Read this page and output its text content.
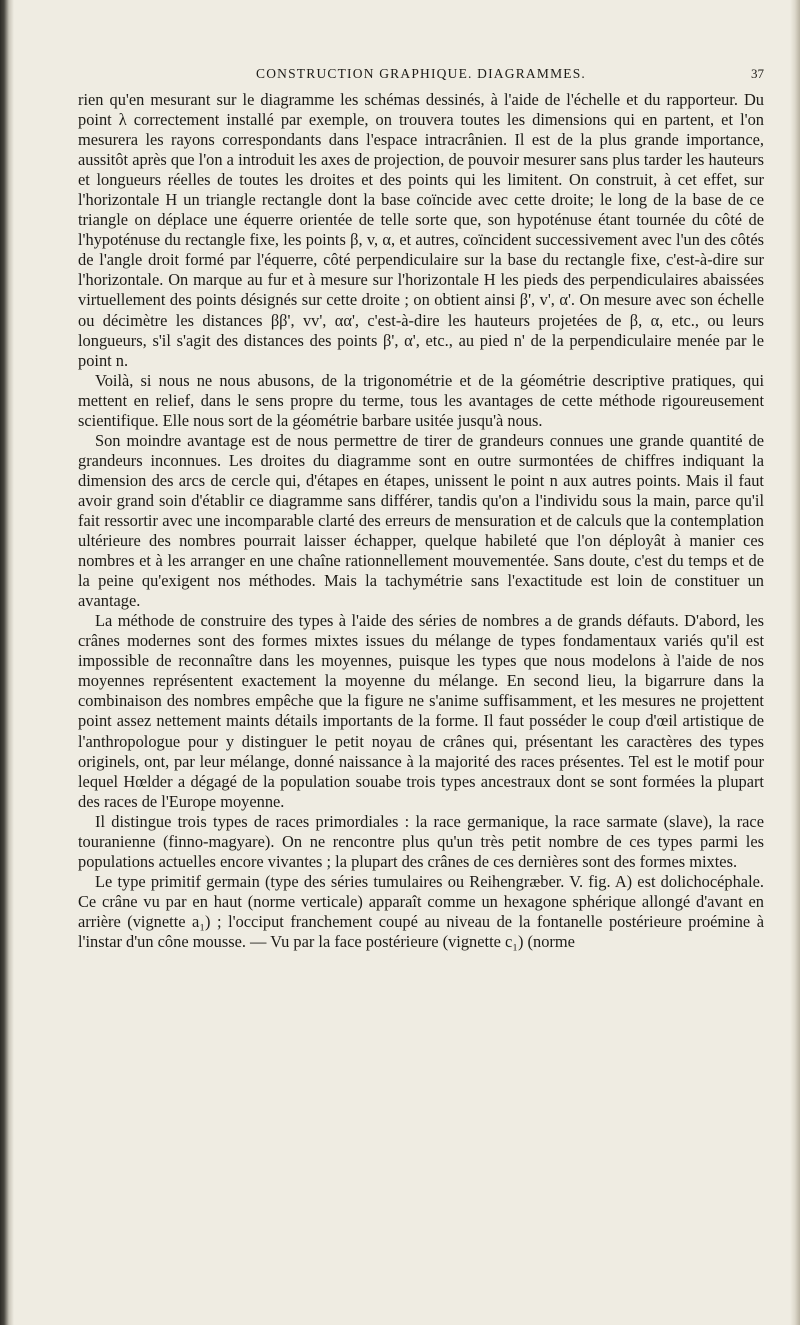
CONSTRUCTION GRAPHIQUE. DIAGRAMMES.	37

rien qu'en mesurant sur le diagramme les schémas dessinés, à l'aide de l'échelle et du rapporteur. Du point λ correctement installé par exemple, on trouvera toutes les dimensions qui en partent, et l'on mesurera les rayons correspondants dans l'espace intracrânien. Il est de la plus grande importance, aussitôt après que l'on a introduit les axes de projection, de pouvoir mesurer sans plus tarder les hauteurs et longueurs réelles de toutes les droites et des points qui les limitent. On construit, à cet effet, sur l'horizontale H un triangle rectangle dont la base coïncide avec cette droite; le long de la base de ce triangle on déplace une équerre orientée de telle sorte que, son hypoténuse étant tournée du côté de l'hypoténuse du rectangle fixe, les points β, v, α, et autres, coïncident successivement avec l'un des côtés de l'angle droit formé par l'équerre, côté perpendiculaire sur la base du rectangle fixe, c'est-à-dire sur l'horizontale. On marque au fur et à mesure sur l'horizontale H les pieds des perpendiculaires abaissées virtuellement des points désignés sur cette droite ; on obtient ainsi β', v', α'. On mesure avec son échelle ou décimètre les distances ββ', vv', αα', c'est-à-dire les hauteurs projetées de β, α, etc., ou leurs longueurs, s'il s'agit des distances des points β', α', etc., au pied n' de la perpendiculaire menée par le point n.

Voilà, si nous ne nous abusons, de la trigonométrie et de la géométrie descriptive pratiques, qui mettent en relief, dans le sens propre du terme, tous les avantages de cette méthode rigoureusement scientifique. Elle nous sort de la géométrie barbare usitée jusqu'à nous.

Son moindre avantage est de nous permettre de tirer de grandeurs connues une grande quantité de grandeurs inconnues. Les droites du diagramme sont en outre surmontées de chiffres indiquant la dimension des arcs de cercle qui, d'étapes en étapes, unissent le point n aux autres points. Mais il faut avoir grand soin d'établir ce diagramme sans différer, tandis qu'on a l'individu sous la main, parce qu'il fait ressortir avec une incomparable clarté des erreurs de mensuration et de calculs que la contemplation ultérieure des nombres pourrait laisser échapper, quelque habileté que l'on déployât à manier ces nombres et à les arranger en une chaîne rationnellement mouvementée. Sans doute, c'est du temps et de la peine qu'exigent nos méthodes. Mais la tachymétrie sans l'exactitude est loin de constituer un avantage.

La méthode de construire des types à l'aide des séries de nombres a de grands défauts. D'abord, les crânes modernes sont des formes mixtes issues du mélange de types fondamentaux variés qu'il est impossible de reconnaître dans les moyennes, puisque les types que nous modelons à l'aide de nos moyennes représentent exactement la moyenne du mélange. En second lieu, la bigarrure dans la combinaison des nombres empêche que la figure ne s'anime suffisamment, et les mesures ne projettent point assez nettement maints détails importants de la forme. Il faut posséder le coup d'œil artistique de l'anthropologue pour y distinguer le petit noyau de crânes qui, présentant les caractères des types originels, ont, par leur mélange, donné naissance à la majorité des races présentes. Tel est le motif pour lequel Hœlder a dégagé de la population souabe trois types ancestraux dont se sont formées la plupart des races de l'Europe moyenne.

Il distingue trois types de races primordiales : la race germanique, la race sarmate (slave), la race touranienne (finno-magyare). On ne rencontre plus qu'un très petit nombre de ces types parmi les populations actuelles encore vivantes ; la plupart des crânes de ces dernières sont des formes mixtes.

Le type primitif germain (type des séries tumulaires ou Reihengræber. V. fig. A) est dolichocéphale. Ce crâne vu par en haut (norme verticale) apparaît comme un hexagone sphérique allongé d'avant en arrière (vignette a₁) ; l'occiput franchement coupé au niveau de la fontanelle postérieure proémine à l'instar d'un cône mousse. — Vu par la face postérieure (vignette c₁) (norme
